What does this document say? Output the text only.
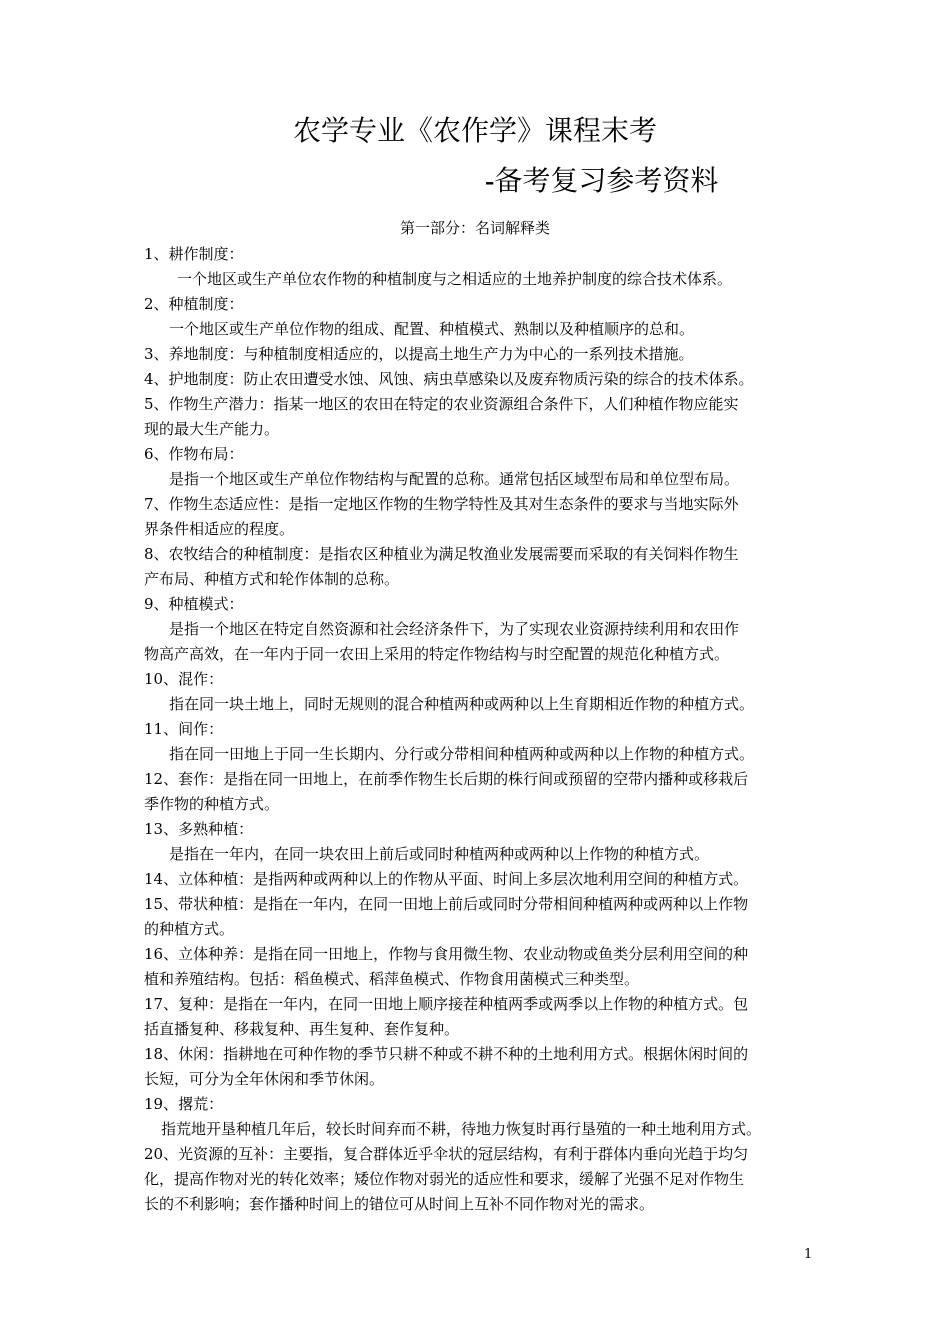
农学专业《农作学》课程末考
-备考复习参考资料
第一部分：名词解释类
1、耕作制度：
一个地区或生产单位农作物的种植制度与之相适应的土地养护制度的综合技术体系。
2、种植制度：
一个地区或生产单位作物的组成、配置、种植模式、熟制以及种植顺序的总和。
3、养地制度：与种植制度相适应的，以提高土地生产力为中心的一系列技术措施。
4、护地制度：防止农田遭受水蚀、风蚀、病虫草感染以及废弃物质污染的综合的技术体系。
5、作物生产潜力：指某一地区的农田在特定的农业资源组合条件下，人们种植作物应能实
现的最大生产能力。
6、作物布局：
是指一个地区或生产单位作物结构与配置的总称。通常包括区域型布局和单位型布局。
7、作物生态适应性：是指一定地区作物的生物学特性及其对生态条件的要求与当地实际外
界条件相适应的程度。
8、农牧结合的种植制度：是指农区种植业为满足牧渔业发展需要而采取的有关饲料作物生
产布局、种植方式和轮作体制的总称。
9、种植模式：
是指一个地区在特定自然资源和社会经济条件下，为了实现农业资源持续利用和农田作
物高产高效，在一年内于同一农田上采用的特定作物结构与时空配置的规范化种植方式。
10、混作：
指在同一块土地上，同时无规则的混合种植两种或两种以上生育期相近作物的种植方式。
11、间作：
指在同一田地上于同一生长期内、分行或分带相间种植两种或两种以上作物的种植方式。
12、套作：是指在同一田地上，在前季作物生长后期的株行间或预留的空带内播种或移栽后
季作物的种植方式。
13、多熟种植：
是指在一年内，在同一块农田上前后或同时种植两种或两种以上作物的种植方式。
14、立体种植：是指两种或两种以上的作物从平面、时间上多层次地利用空间的种植方式。
15、带状种植：是指在一年内，在同一田地上前后或同时分带相间种植两种或两种以上作物
的种植方式。
16、立体种养：是指在同一田地上，作物与食用微生物、农业动物或鱼类分层利用空间的种
植和养殖结构。包括：稻鱼模式、稻萍鱼模式、作物食用菌模式三种类型。
17、复种：是指在一年内，在同一田地上顺序接茬种植两季或两季以上作物的种植方式。包
括直播复种、移栽复种、再生复种、套作复种。
18、休闲：指耕地在可种作物的季节只耕不种或不耕不种的土地利用方式。根据休闲时间的
长短，可分为全年休闲和季节休闲。
19、撂荒：
指荒地开垦种植几年后，较长时间弃而不耕，待地力恢复时再行垦殖的一种土地利用方式。
20、光资源的互补：主要指，复合群体近乎伞状的冠层结构，有利于群体内垂向光趋于均匀
化，提高作物对光的转化效率；矮位作物对弱光的适应性和要求，缓解了光强不足对作物生
长的不利影响；套作播种时间上的错位可从时间上互补不同作物对光的需求。
1
